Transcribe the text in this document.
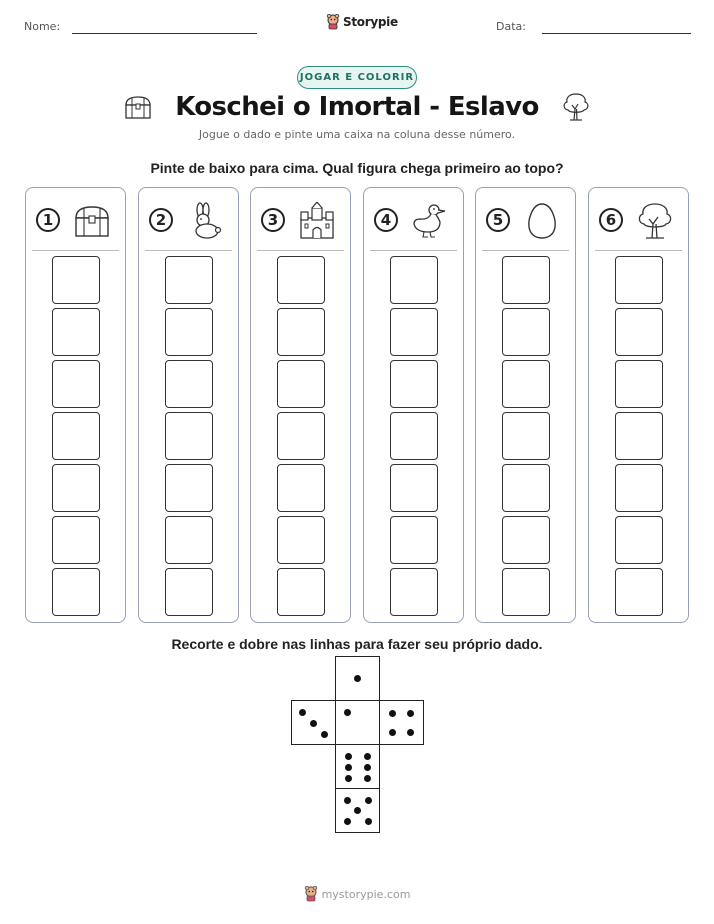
Nome:	Storypie	Data:
JOGAR E COLORIR
Koschei o Imortal - Eslavo
Jogue o dado e pinte uma caixa na coluna desse número.
Pinte de baixo para cima. Qual figura chega primeiro ao topo?
1	2	3	4	5	6
Recorte e dobre nas linhas para fazer seu próprio dado.
mystorypie.com
